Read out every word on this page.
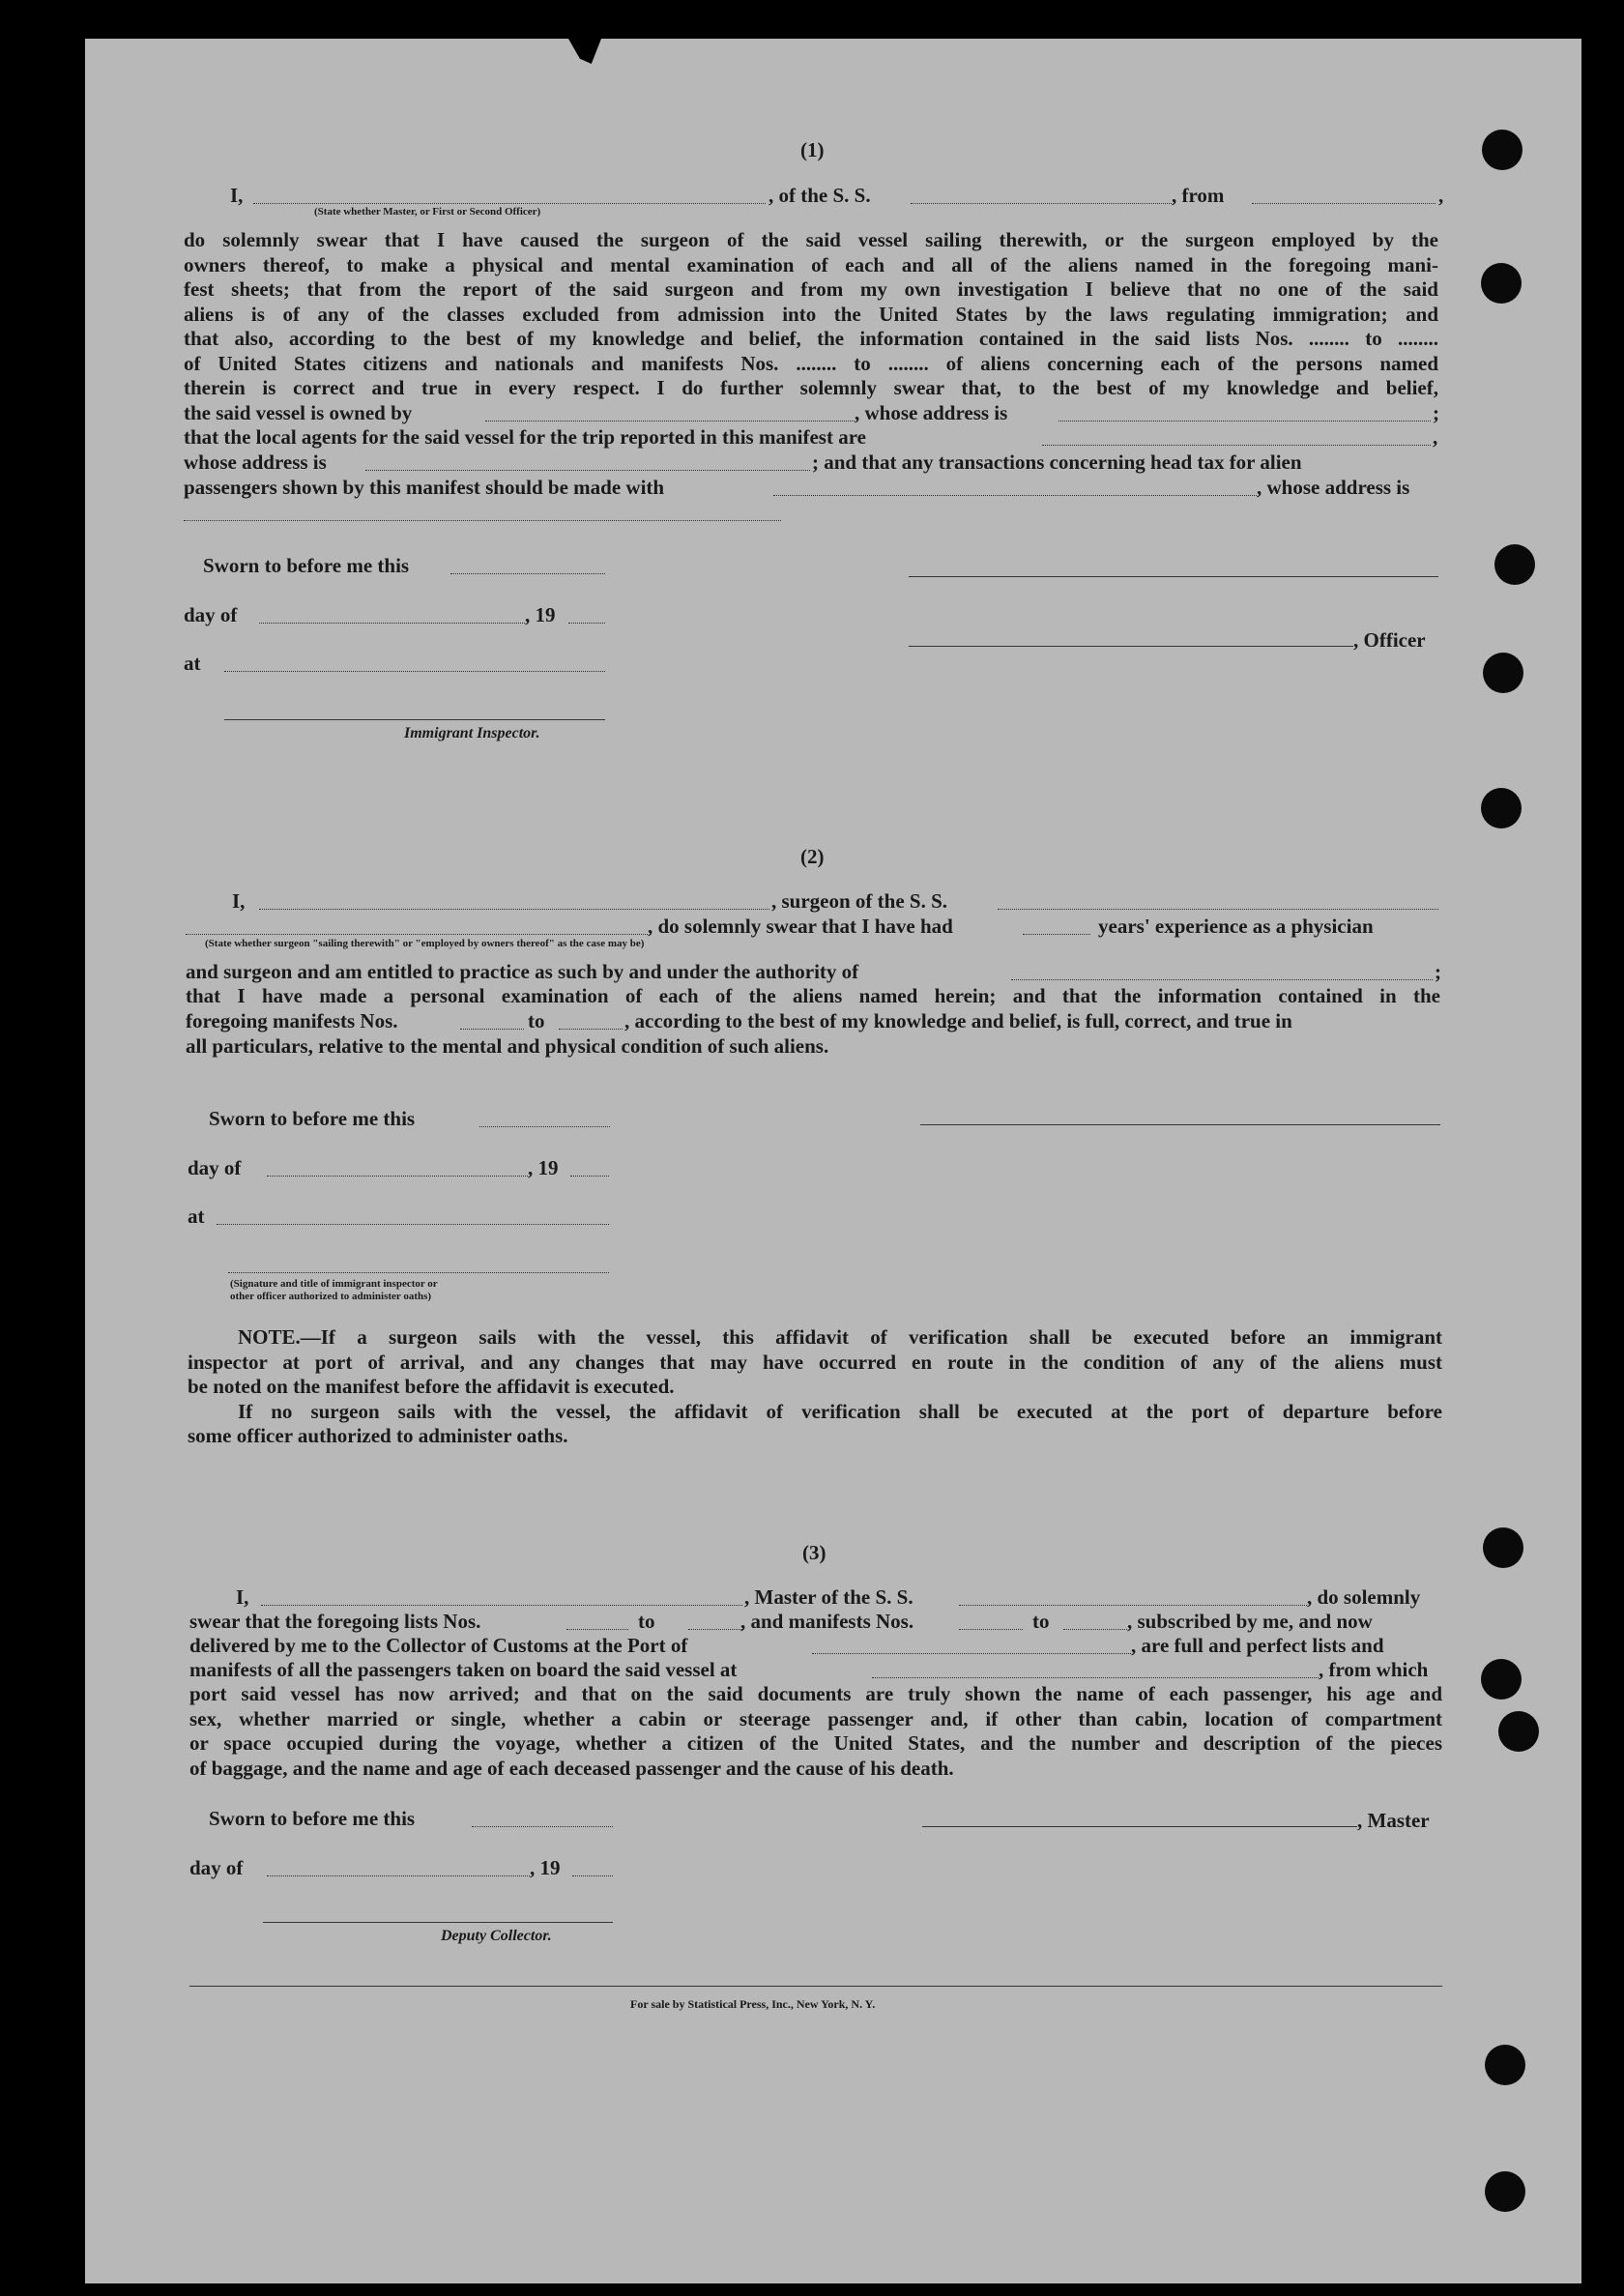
(1)
I,	, of the S. S.	, from	,
(State whether Master, or First or Second Officer)
do solemnly swear that I have caused the surgeon of the said vessel sailing therewith, or the surgeon employed by the
owners thereof, to make a physical and mental examination of each and all of the aliens named in the foregoing mani-
fest sheets; that from the report of the said surgeon and from my own investigation I believe that no one of the said
aliens is of any of the classes excluded from admission into the United States by the laws regulating immigration; and
that also, according to the best of my knowledge and belief, the information contained in the said lists Nos. ........ to ........
of United States citizens and nationals and manifests Nos. ........ to ........ of aliens concerning each of the persons named
therein is correct and true in every respect. I do further solemnly swear that, to the best of my knowledge and belief,
the said vessel is owned by	, whose address is	;
that the local agents for the said vessel for the trip reported in this manifest are	,
whose address is	; and that any transactions concerning head tax for alien
passengers shown by this manifest should be made with	, whose address is
Sworn to before me this
day of	, 19
, Officer
at
Immigrant Inspector.
(2)
I,	, surgeon of the S. S.
, do solemnly swear that I have had	years' experience as a physician
(State whether surgeon "sailing therewith" or "employed by owners thereof" as the case may be)
and surgeon and am entitled to practice as such by and under the authority of	;
that I have made a personal examination of each of the aliens named herein; and that the information contained in the
foregoing manifests Nos.	to	, according to the best of my knowledge and belief, is full, correct, and true in
all particulars, relative to the mental and physical condition of such aliens.
Sworn to before me this
day of	, 19
at
(Signature and title of immigrant inspector or
other officer authorized to administer oaths)
NOTE.—If a surgeon sails with the vessel, this affidavit of verification shall be executed before an immigrant
inspector at port of arrival, and any changes that may have occurred en route in the condition of any of the aliens must
be noted on the manifest before the affidavit is executed.
If no surgeon sails with the vessel, the affidavit of verification shall be executed at the port of departure before
some officer authorized to administer oaths.
(3)
I,	, Master of the S. S.	, do solemnly
swear that the foregoing lists Nos.	to	, and manifests Nos.	to	, subscribed by me, and now
delivered by me to the Collector of Customs at the Port of	, are full and perfect lists and
manifests of all the passengers taken on board the said vessel at	, from which
port said vessel has now arrived; and that on the said documents are truly shown the name of each passenger, his age and
sex, whether married or single, whether a cabin or steerage passenger and, if other than cabin, location of compartment
or space occupied during the voyage, whether a citizen of the United States, and the number and description of the pieces
of baggage, and the name and age of each deceased passenger and the cause of his death.
Sworn to before me this	, Master
day of	, 19
Deputy Collector.
For sale by Statistical Press, Inc., New York, N. Y.
